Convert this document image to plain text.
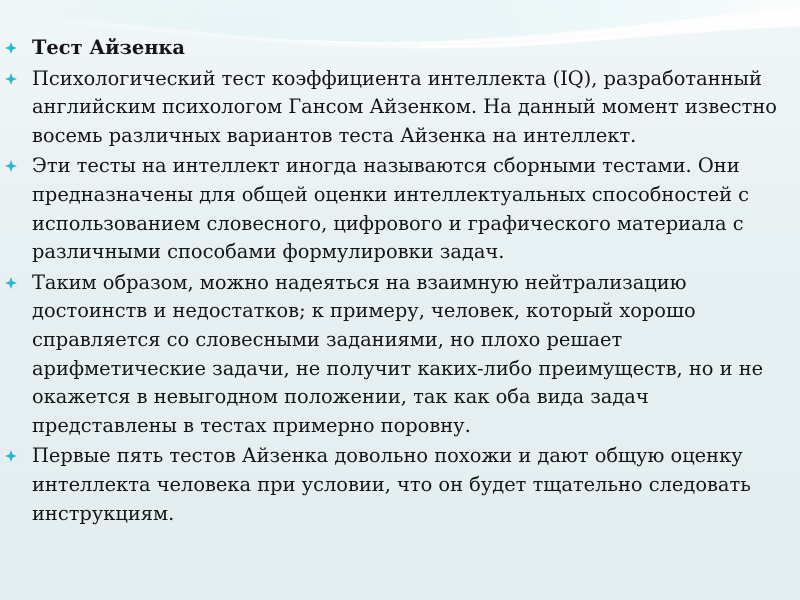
Тест Айзенка
Психологический тест коэффициента интеллекта (IQ), разработанный английским психологом Гансом Айзенком. На данный момент известно восемь различных вариантов теста Айзенка на интеллект.
Эти тесты на интеллект иногда называются сборными тестами. Они предназначены для общей оценки интеллектуальных способностей с использованием словесного, цифрового и графического материала с различными способами формулировки задач.
Таким образом, можно надеяться на взаимную нейтрализацию достоинств и недостатков; к примеру, человек, который хорошо справляется со словесными заданиями, но плохо решает арифметические задачи, не получит каких-либо преимуществ, но и не окажется в невыгодном положении, так как оба вида задач представлены в тестах примерно поровну.
Первые пять тестов Айзенка довольно похожи и дают общую оценку интеллекта человека при условии, что он будет тщательно следовать инструкциям.
